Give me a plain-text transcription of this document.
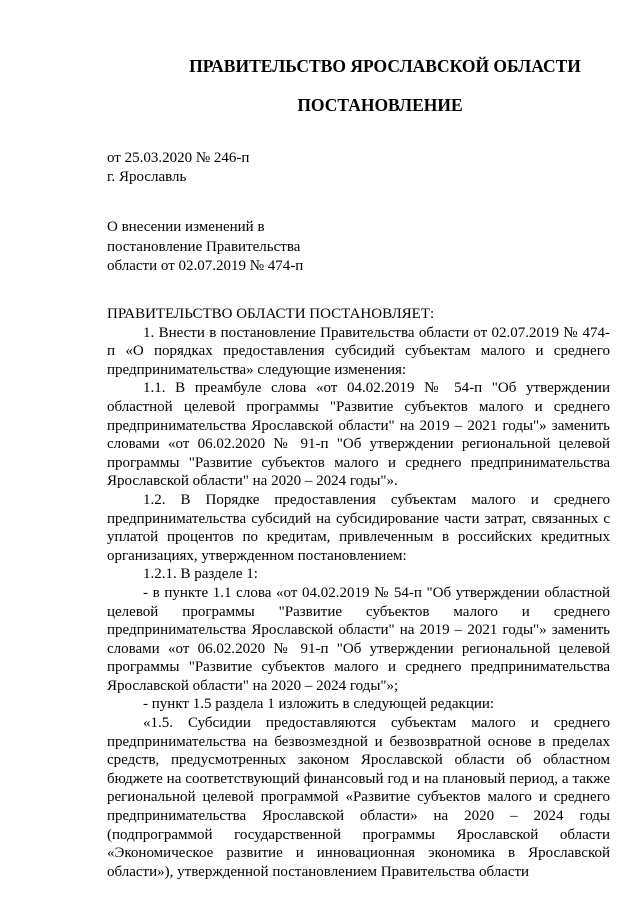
ПРАВИТЕЛЬСТВО ЯРОСЛАВСКОЙ ОБЛАСТИ
ПОСТАНОВЛЕНИЕ
от 25.03.2020 № 246-п
г. Ярославль
О внесении изменений в
постановление Правительства
области от 02.07.2019 № 474-п

ПРАВИТЕЛЬСТВО ОБЛАСТИ ПОСТАНОВЛЯЕТ:

1. Внести в постановление Правительства области от 02.07.2019 № 474-п «О порядках предоставления субсидий субъектам малого и среднего предпринимательства» следующие изменения:

1.1. В преамбуле слова «от 04.02.2019 № 54-п "Об утверждении областной целевой программы "Развитие субъектов малого и среднего предпринимательства Ярославской области" на 2019 – 2021 годы"» заменить словами «от 06.02.2020 № 91-п "Об утверждении региональной целевой программы "Развитие субъектов малого и среднего предпринимательства Ярославской области" на 2020 – 2024 годы"».

1.2. В Порядке предоставления субъектам малого и среднего предпринимательства субсидий на субсидирование части затрат, связанных с уплатой процентов по кредитам, привлеченным в российских кредитных организациях, утвержденном постановлением:

1.2.1. В разделе 1:

- в пункте 1.1 слова «от 04.02.2019 № 54-п "Об утверждении областной целевой программы "Развитие субъектов малого и среднего предпринимательства Ярославской области" на 2019 – 2021 годы"» заменить словами «от 06.02.2020 № 91-п "Об утверждении региональной целевой программы "Развитие субъектов малого и среднего предпринимательства Ярославской области" на 2020 – 2024 годы"»;

- пункт 1.5 раздела 1 изложить в следующей редакции:

«1.5. Субсидии предоставляются субъектам малого и среднего предпринимательства на безвозмездной и безвозвратной основе в пределах средств, предусмотренных законом Ярославской области об областном бюджете на соответствующий финансовый год и на плановый период, а также региональной целевой программой «Развитие субъектов малого и среднего предпринимательства Ярославской области» на 2020 – 2024 годы (подпрограммой государственной программы Ярославской области «Экономическое развитие и инновационная экономика в Ярославской области»), утвержденной постановлением Правительства области
